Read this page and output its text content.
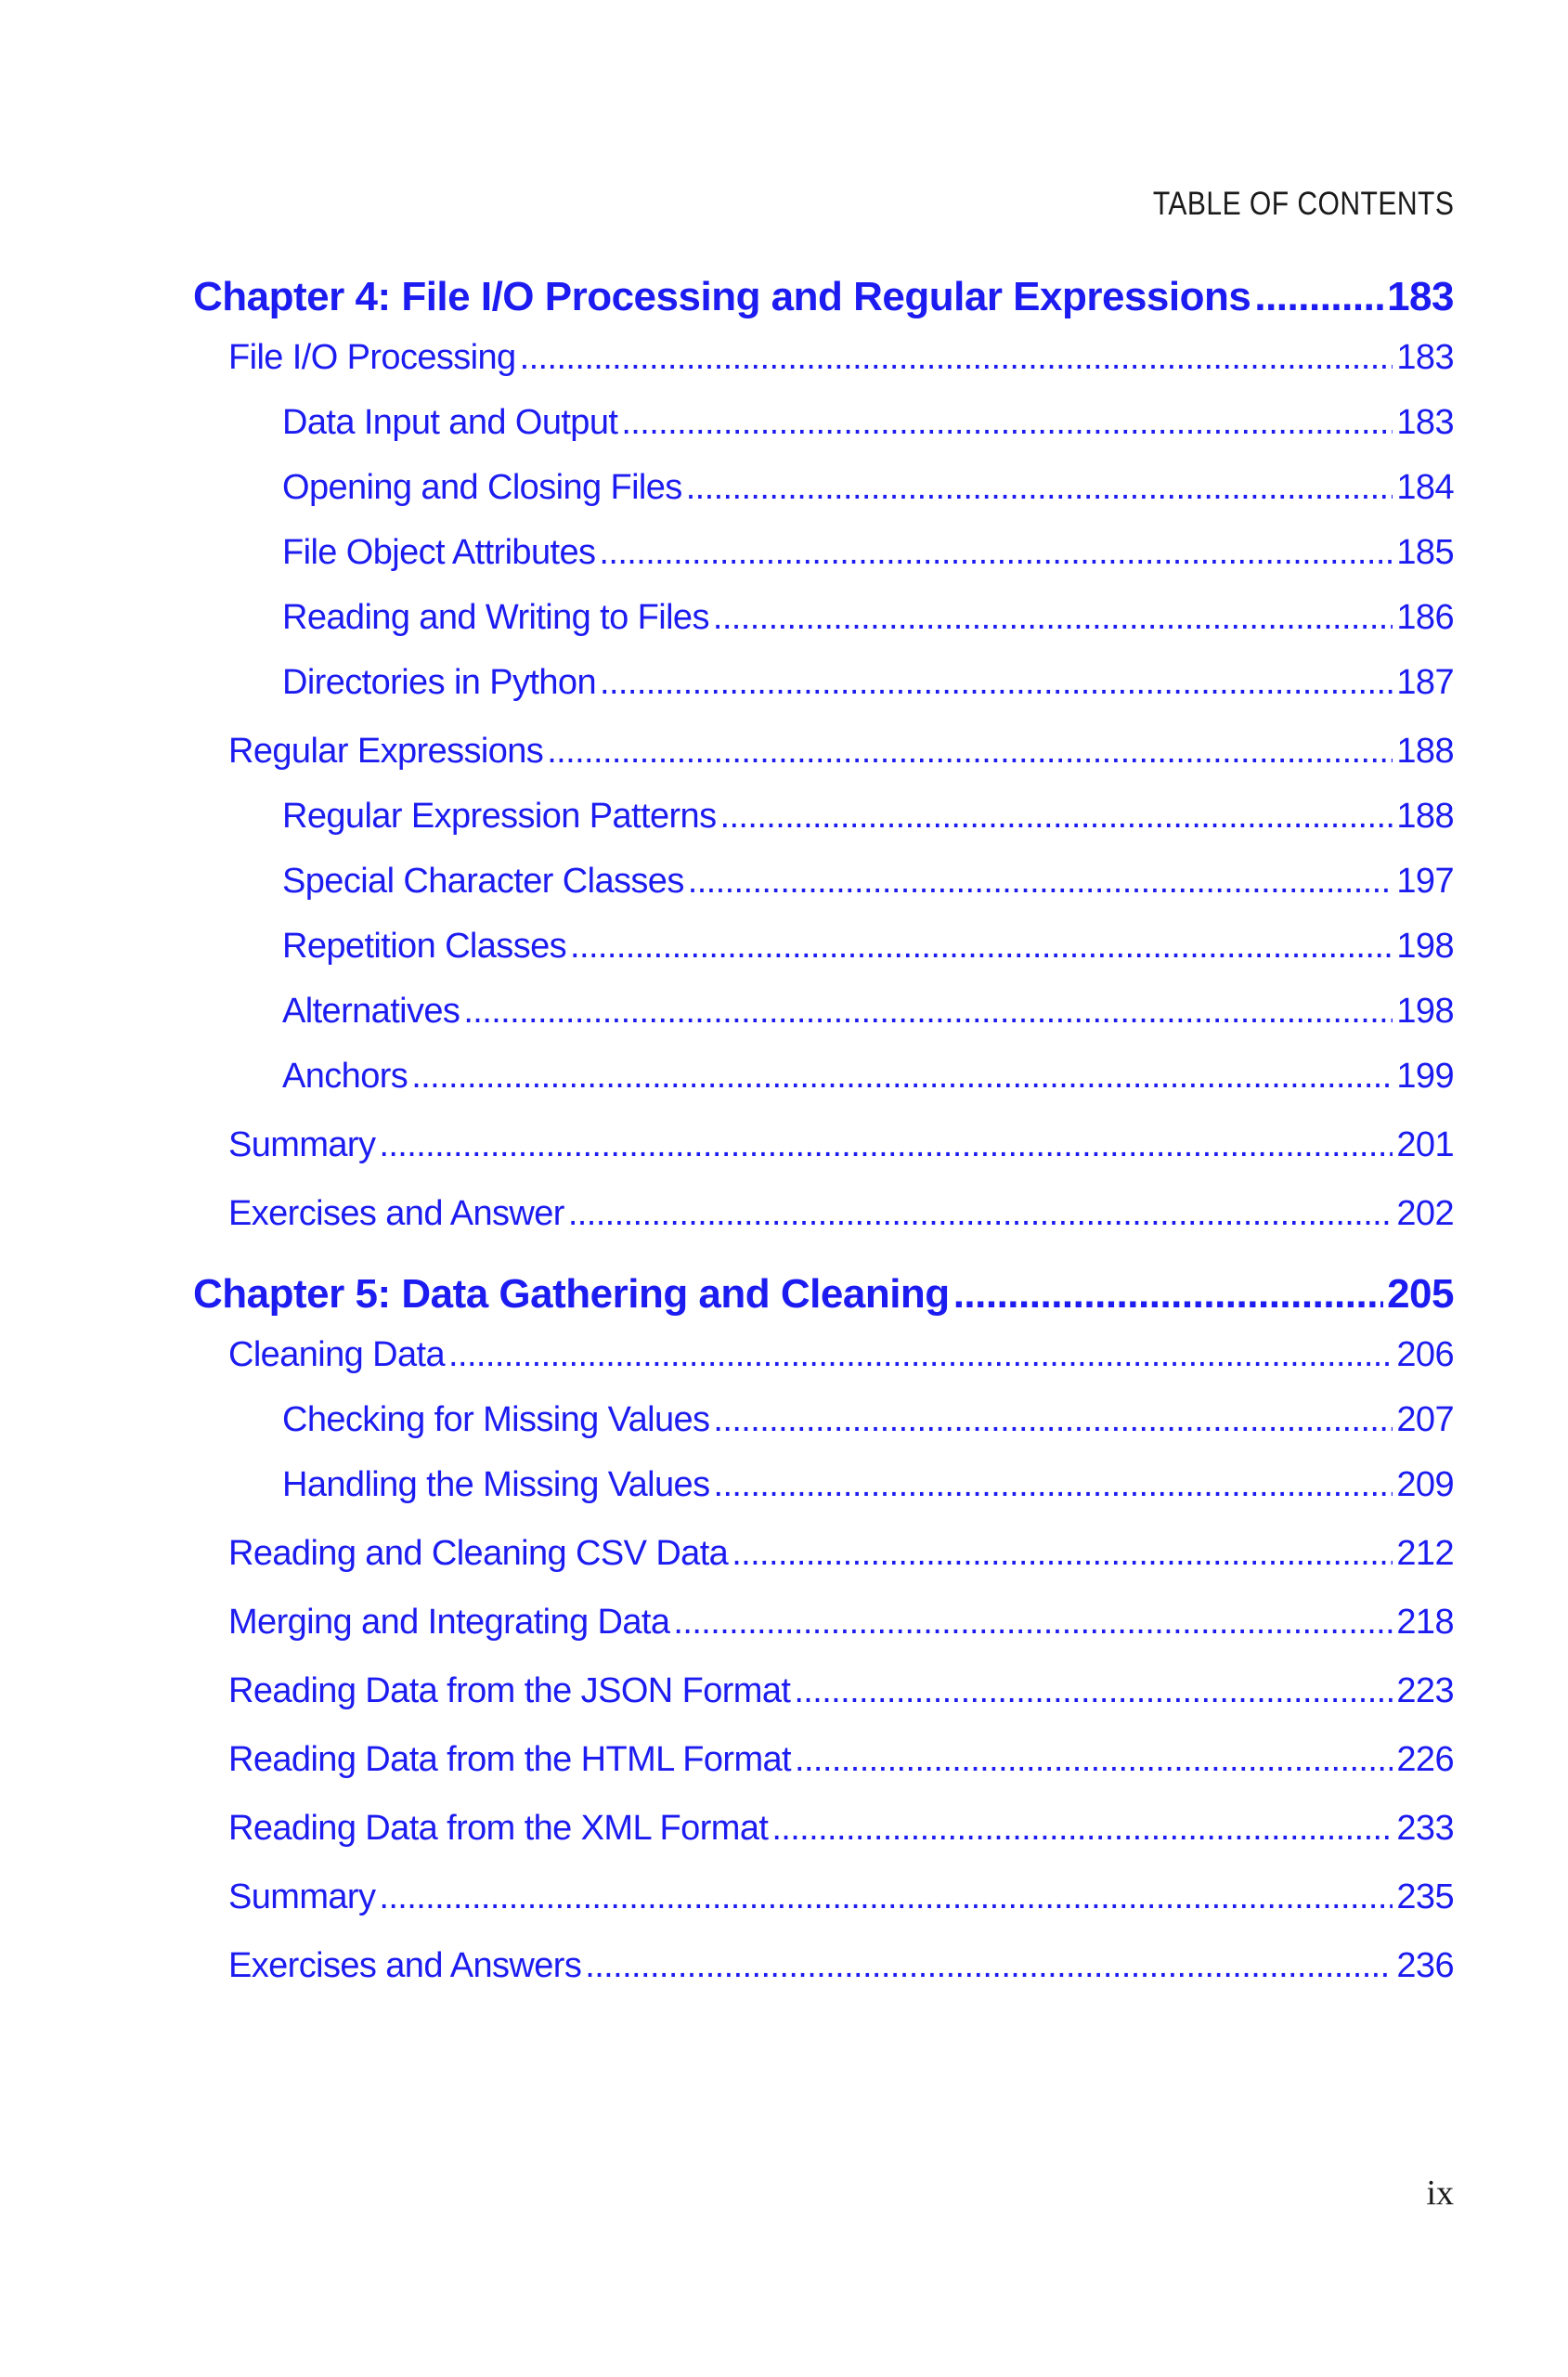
TABLE OF CONTENTS
Chapter 4: File I/O Processing and Regular Expressions .....	183
File I/O Processing .....	183
Data Input and Output .....	183
Opening and Closing Files .....	184
File Object Attributes .....	185
Reading and Writing to Files .....	186
Directories in Python .....	187
Regular Expressions .....	188
Regular Expression Patterns .....	188
Special Character Classes .....	197
Repetition Classes .....	198
Alternatives .....	198
Anchors .....	199
Summary .....	201
Exercises and Answer .....	202
Chapter 5: Data Gathering and Cleaning .....	205
Cleaning Data .....	206
Checking for Missing Values .....	207
Handling the Missing Values .....	209
Reading and Cleaning CSV Data .....	212
Merging and Integrating Data .....	218
Reading Data from the JSON Format .....	223
Reading Data from the HTML Format .....	226
Reading Data from the XML Format .....	233
Summary .....	235
Exercises and Answers .....	236
ix
